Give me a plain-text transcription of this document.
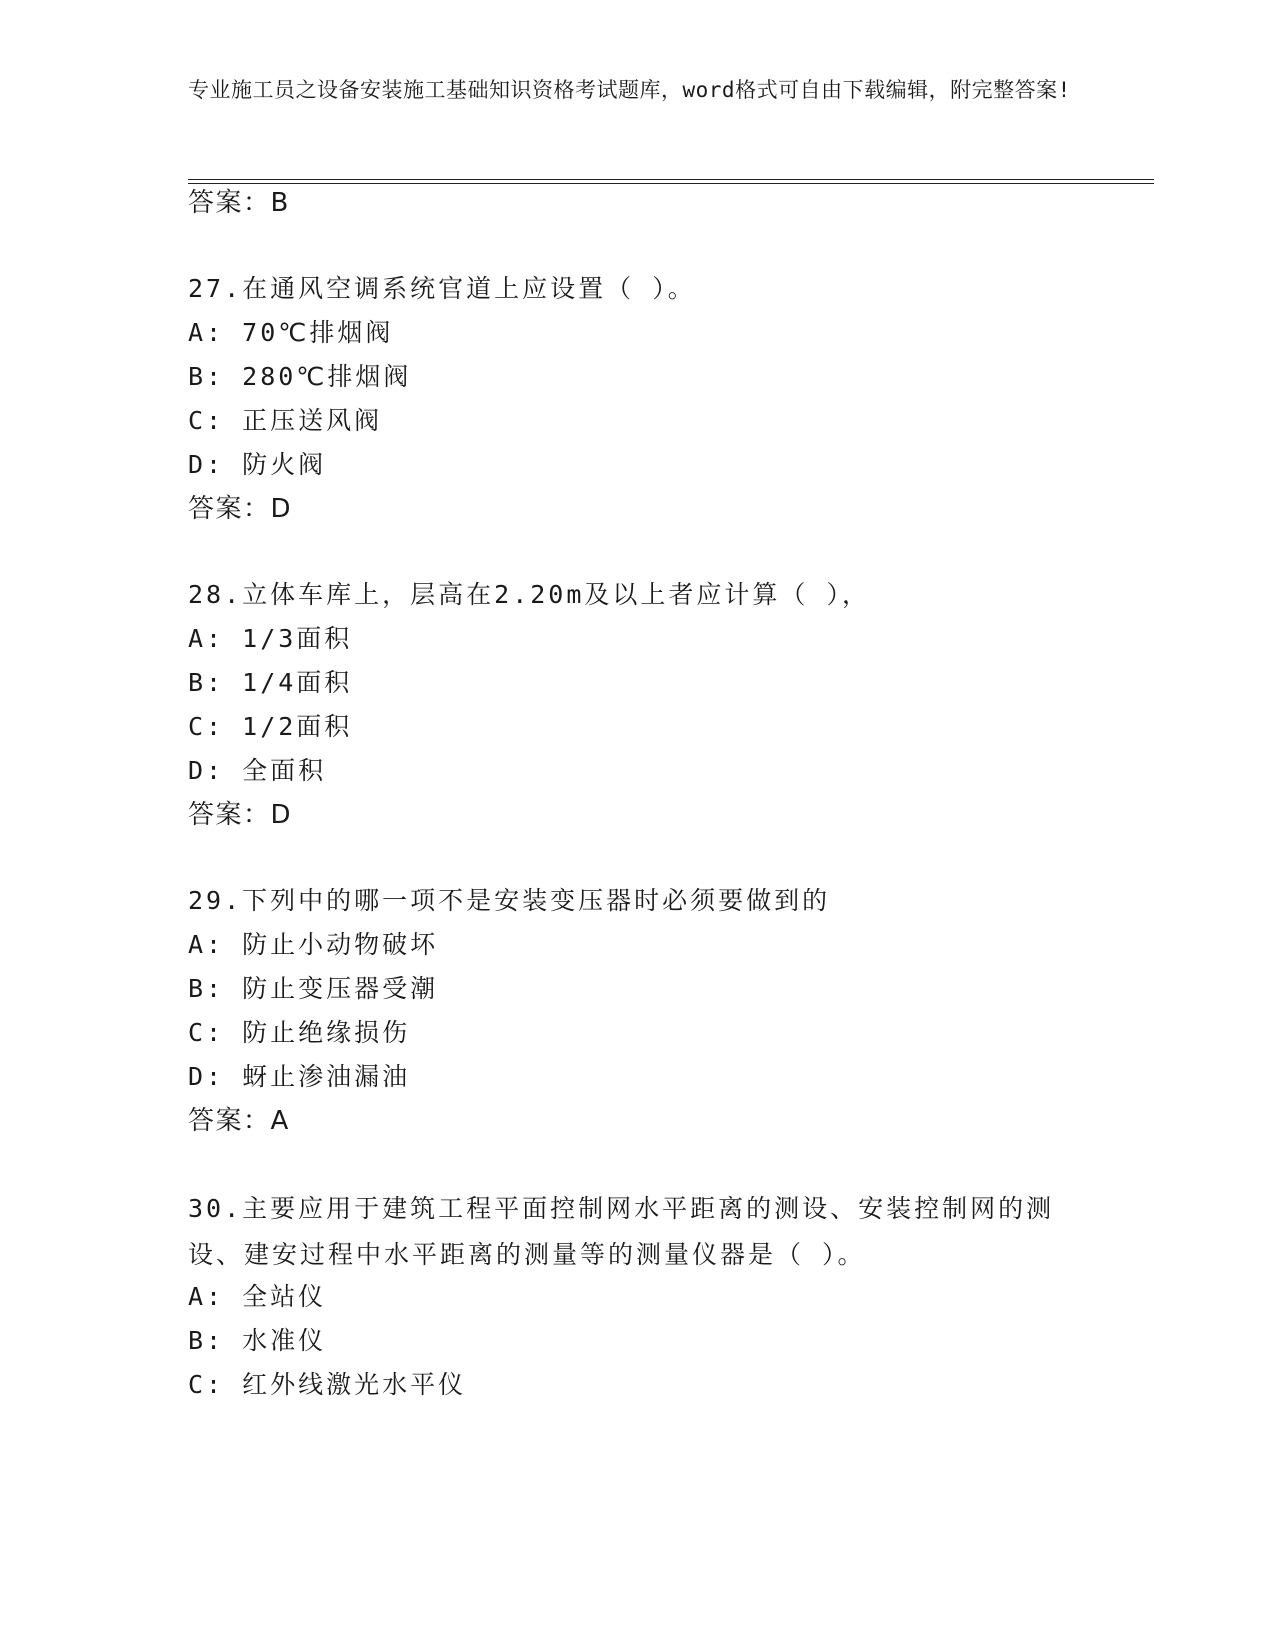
专业施工员之设备安装施工基础知识资格考试题库，word格式可自由下载编辑，附完整答案!
答案：B
27.在通风空调系统官道上应设置（ ）。
A: 70℃排烟阀
B: 280℃排烟阀
C: 正压送风阀
D: 防火阀
答案：D
28.立体车库上，层高在2.20m及以上者应计算（ ），
A: 1/3面积
B: 1/4面积
C: 1/2面积
D: 全面积
答案：D
29.下列中的哪一项不是安装变压器时必须要做到的
A: 防止小动物破坏
B: 防止变压器受潮
C: 防止绝缘损伤
D: 蚜止渗油漏油
答案：A
30.主要应用于建筑工程平面控制网水平距离的测设、安装控制网的测设、建安过程中水平距离的测量等的测量仪器是（ ）。
A: 全站仪
B: 水准仪
C: 红外线激光水平仪
